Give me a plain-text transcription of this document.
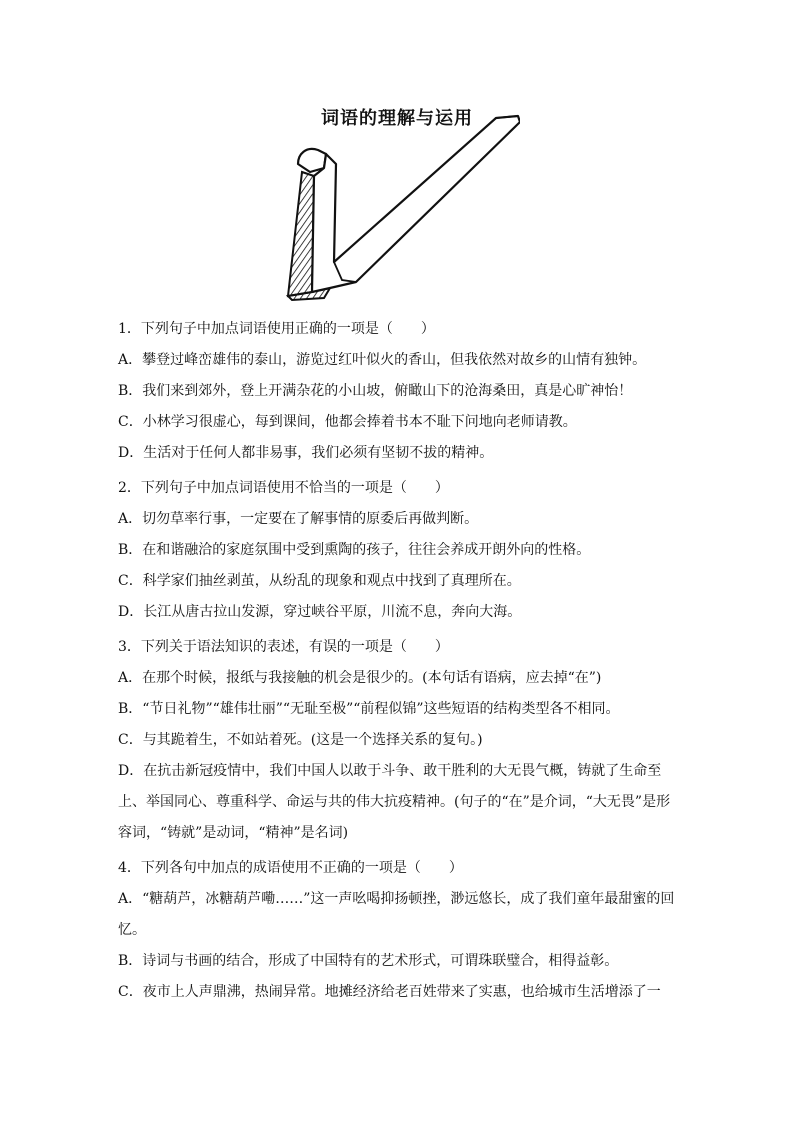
词语的理解与运用

1．下列句子中加点词语使用正确的一项是（　　）

A．攀登过峰峦雄伟的泰山，游览过红叶似火的香山，但我依然对故乡的山情有独钟。

B．我们来到郊外，登上开满杂花的小山坡，俯瞰山下的沧海桑田，真是心旷神怡！

C．小林学习很虚心，每到课间，他都会捧着书本不耻下问地向老师请教。

D．生活对于任何人都非易事，我们必须有坚韧不拔的精神。

2．下列句子中加点词语使用不恰当的一项是（　　）

A．切勿草率行事，一定要在了解事情的原委后再做判断。

B．在和谐融洽的家庭氛围中受到熏陶的孩子，往往会养成开朗外向的性格。

C．科学家们抽丝剥茧，从纷乱的现象和观点中找到了真理所在。

D．长江从唐古拉山发源，穿过峡谷平原，川流不息，奔向大海。

3．下列关于语法知识的表述，有误的一项是（　　）

A．在那个时候，报纸与我接触的机会是很少的。(本句话有语病，应去掉“在”)

B．“节日礼物”“雄伟壮丽”“无耻至极”“前程似锦”这些短语的结构类型各不相同。

C．与其跪着生，不如站着死。(这是一个选择关系的复句。)

D．在抗击新冠疫情中，我们中国人以敢于斗争、敢干胜利的大无畏气概，铸就了生命至上、举国同心、尊重科学、命运与共的伟大抗疫精神。(句子的“在”是介词，“大无畏”是形容词，“铸就”是动词，“精神”是名词)

4．下列各句中加点的成语使用不正确的一项是（　　）

A．“糖葫芦，冰糖葫芦嘞……”这一声吆喝抑扬顿挫，渺远悠长，成了我们童年最甜蜜的回忆。

B．诗词与书画的结合，形成了中国特有的艺术形式，可谓珠联璧合，相得益彰。

C．夜市上人声鼎沸，热闹异常。地摊经济给老百姓带来了实惠，也给城市生活增添了一
